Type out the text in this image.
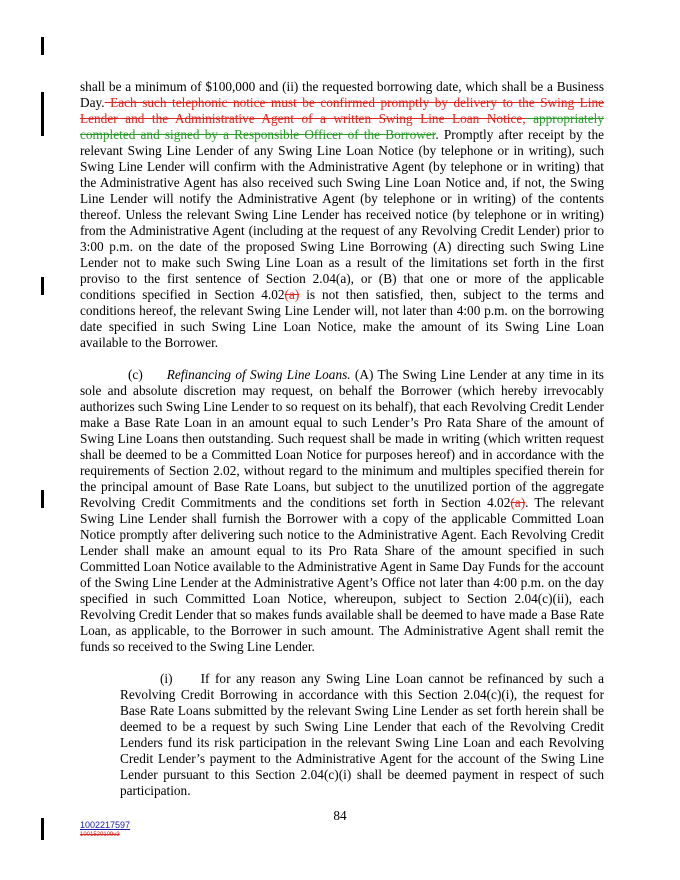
shall be a minimum of $100,000 and (ii) the requested borrowing date, which shall be a Business Day. Each such telephonic notice must be confirmed promptly by delivery to the Swing Line Lender and the Administrative Agent of a written Swing Line Loan Notice, appropriately completed and signed by a Responsible Officer of the Borrower. Promptly after receipt by the relevant Swing Line Lender of any Swing Line Loan Notice (by telephone or in writing), such Swing Line Lender will confirm with the Administrative Agent (by telephone or in writing) that the Administrative Agent has also received such Swing Line Loan Notice and, if not, the Swing Line Lender will notify the Administrative Agent (by telephone or in writing) of the contents thereof. Unless the relevant Swing Line Lender has received notice (by telephone or in writing) from the Administrative Agent (including at the request of any Revolving Credit Lender) prior to 3:00 p.m. on the date of the proposed Swing Line Borrowing (A) directing such Swing Line Lender not to make such Swing Line Loan as a result of the limitations set forth in the first proviso to the first sentence of Section 2.04(a), or (B) that one or more of the applicable conditions specified in Section 4.02(a) is not then satisfied, then, subject to the terms and conditions hereof, the relevant Swing Line Lender will, not later than 4:00 p.m. on the borrowing date specified in such Swing Line Loan Notice, make the amount of its Swing Line Loan available to the Borrower.

(c) Refinancing of Swing Line Loans. (A) The Swing Line Lender at any time in its sole and absolute discretion may request, on behalf the Borrower (which hereby irrevocably authorizes such Swing Line Lender to so request on its behalf), that each Revolving Credit Lender make a Base Rate Loan in an amount equal to such Lender’s Pro Rata Share of the amount of Swing Line Loans then outstanding. Such request shall be made in writing (which written request shall be deemed to be a Committed Loan Notice for purposes hereof) and in accordance with the requirements of Section 2.02, without regard to the minimum and multiples specified therein for the principal amount of Base Rate Loans, but subject to the unutilized portion of the aggregate Revolving Credit Commitments and the conditions set forth in Section 4.02(a). The relevant Swing Line Lender shall furnish the Borrower with a copy of the applicable Committed Loan Notice promptly after delivering such notice to the Administrative Agent. Each Revolving Credit Lender shall make an amount equal to its Pro Rata Share of the amount specified in such Committed Loan Notice available to the Administrative Agent in Same Day Funds for the account of the Swing Line Lender at the Administrative Agent’s Office not later than 4:00 p.m. on the day specified in such Committed Loan Notice, whereupon, subject to Section 2.04(c)(ii), each Revolving Credit Lender that so makes funds available shall be deemed to have made a Base Rate Loan, as applicable, to the Borrower in such amount. The Administrative Agent shall remit the funds so received to the Swing Line Lender.

(i) If for any reason any Swing Line Loan cannot be refinanced by such a Revolving Credit Borrowing in accordance with this Section 2.04(c)(i), the request for Base Rate Loans submitted by the relevant Swing Line Lender as set forth herein shall be deemed to be a request by such Swing Line Lender that each of the Revolving Credit Lenders fund its risk participation in the relevant Swing Line Loan and each Revolving Credit Lender’s payment to the Administrative Agent for the account of the Swing Line Lender pursuant to this Section 2.04(c)(i) shall be deemed payment in respect of such participation.

84
1002217597
1001520109v3
